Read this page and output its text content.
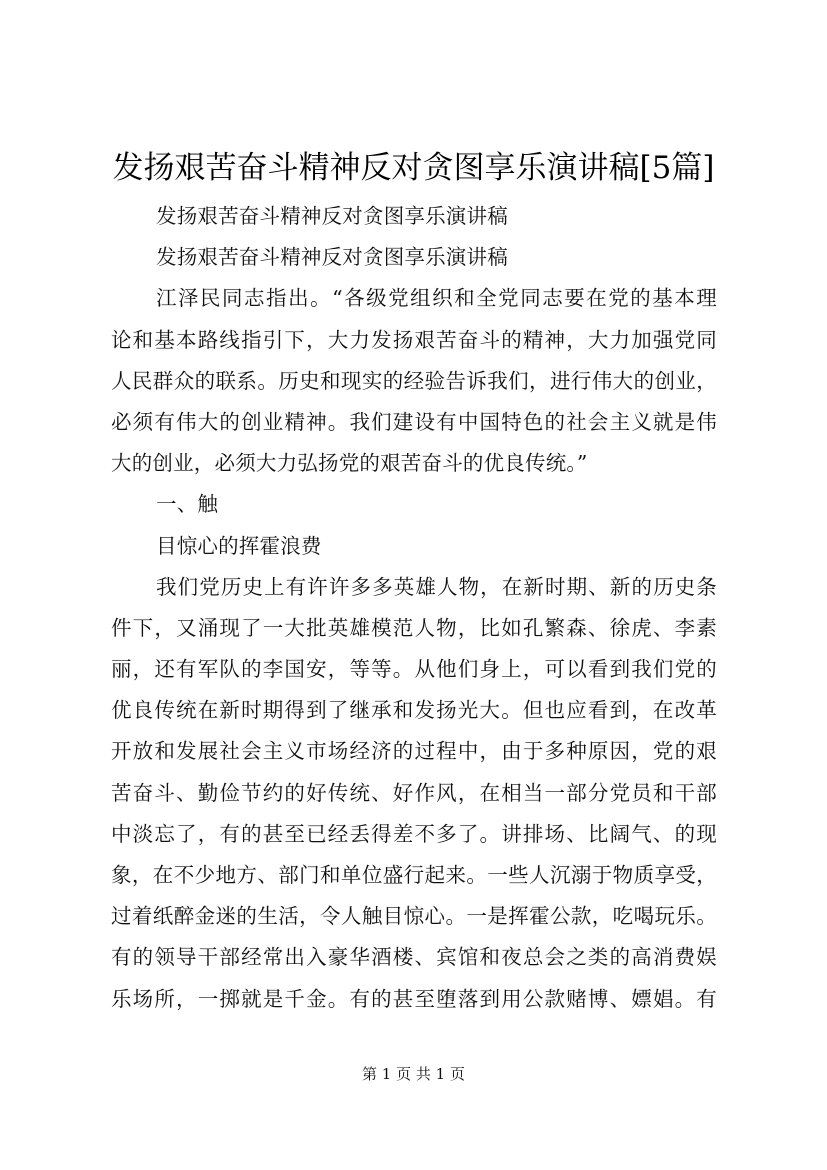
发扬艰苦奋斗精神反对贪图享乐演讲稿[5篇]
发扬艰苦奋斗精神反对贪图享乐演讲稿
发扬艰苦奋斗精神反对贪图享乐演讲稿
江泽民同志指出。“各级党组织和全党同志要在党的基本理
论和基本路线指引下，大力发扬艰苦奋斗的精神，大力加强党同
人民群众的联系。历史和现实的经验告诉我们，进行伟大的创业，
必须有伟大的创业精神。我们建设有中国特色的社会主义就是伟
大的创业，必须大力弘扬党的艰苦奋斗的优良传统。”
一、触
目惊心的挥霍浪费
我们党历史上有许许多多英雄人物，在新时期、新的历史条
件下，又涌现了一大批英雄模范人物，比如孔繁森、徐虎、李素
丽，还有军队的李国安，等等。从他们身上，可以看到我们党的
优良传统在新时期得到了继承和发扬光大。但也应看到，在改革
开放和发展社会主义市场经济的过程中，由于多种原因，党的艰
苦奋斗、勤俭节约的好传统、好作风，在相当一部分党员和干部
中淡忘了，有的甚至已经丢得差不多了。讲排场、比阔气、的现
象，在不少地方、部门和单位盛行起来。一些人沉溺于物质享受，
过着纸醉金迷的生活，令人触目惊心。一是挥霍公款，吃喝玩乐。
有的领导干部经常出入豪华酒楼、宾馆和夜总会之类的高消费娱
乐场所，一掷就是千金。有的甚至堕落到用公款赌博、嫖娼。有
第 1 页 共 1 页
